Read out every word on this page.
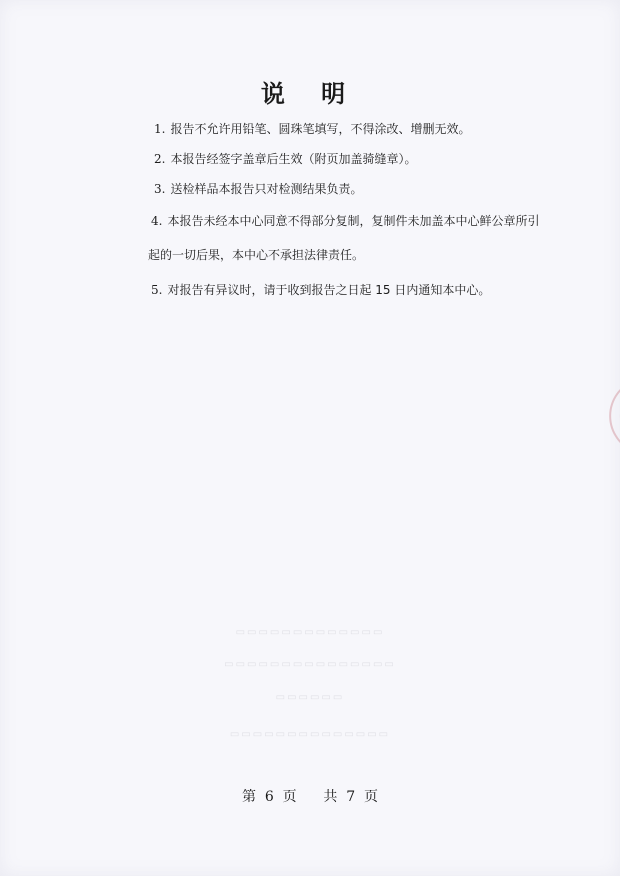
说 明

1. 报告不允许用铅笔、圆珠笔填写，不得涂改、增删无效。

2. 本报告经签字盖章后生效（附页加盖骑缝章）。

3. 送检样品本报告只对检测结果负责。

4. 本报告未经本中心同意不得部分复制，复制件未加盖本中心鲜公章所引

起的一切后果，本中心不承担法律责任。

5. 对报告有异议时，请于收到报告之日起 15 日内通知本中心。

▭▭▭▭▭▭▭▭▭▭▭▭▭
▭▭▭▭▭▭▭▭▭▭▭▭▭▭▭
▭▭▭▭▭▭
▭▭▭▭▭▭▭▭▭▭▭▭▭▭
第  6  页      共  7  页
